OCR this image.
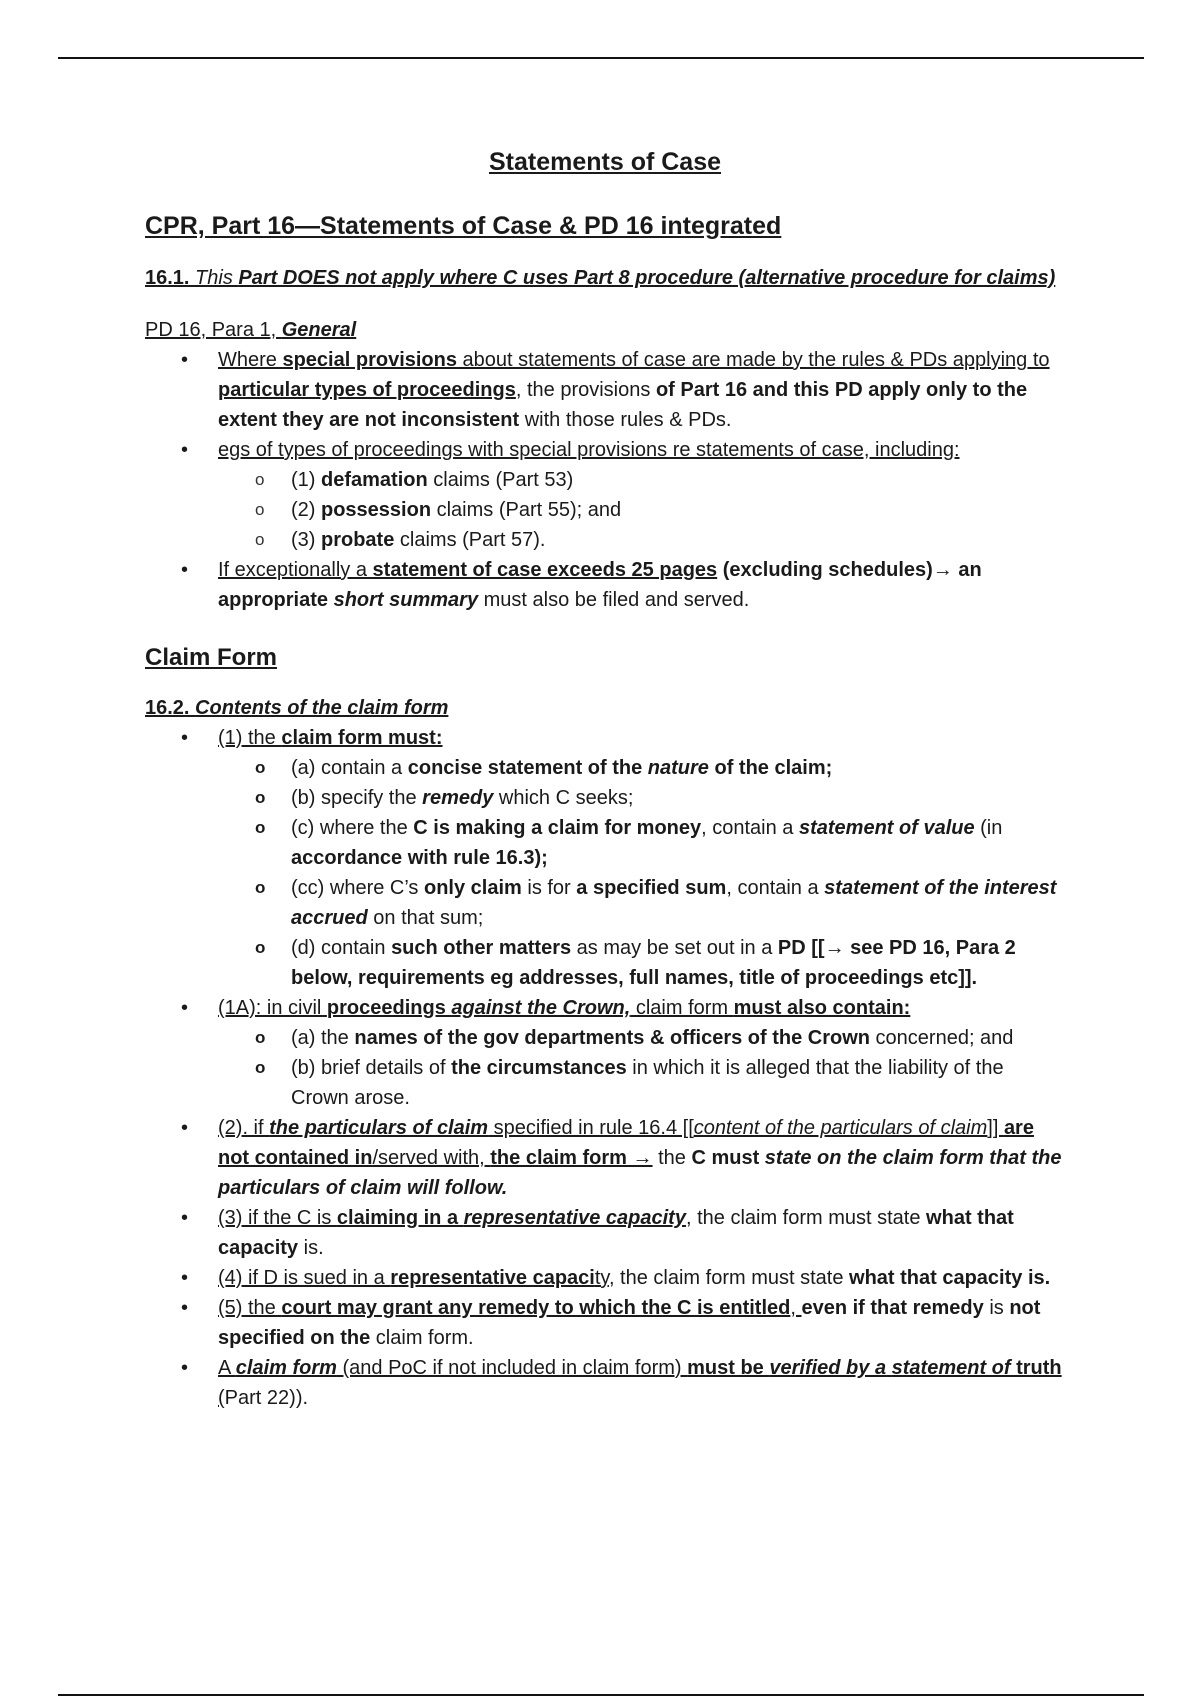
Statements of Case
CPR, Part 16—Statements of Case & PD 16 integrated
16.1. This Part DOES not apply where C uses Part 8 procedure (alternative procedure for claims)
PD 16, Para 1, General
• Where special provisions about statements of case are made by the rules & PDs applying to particular types of proceedings, the provisions of Part 16 and this PD apply only to the extent they are not inconsistent with those rules & PDs.
• egs of types of proceedings with special provisions re statements of case, including:
o (1) defamation claims (Part 53)
o (2) possession claims (Part 55); and
o (3) probate claims (Part 57).
• If exceptionally a statement of case exceeds 25 pages (excluding schedules)→ an appropriate short summary must also be filed and served.
Claim Form
16.2. Contents of the claim form
• (1) the claim form must:
o (a) contain a concise statement of the nature of the claim;
o (b) specify the remedy which C seeks;
o (c) where the C is making a claim for money, contain a statement of value (in accordance with rule 16.3);
o (cc) where C’s only claim is for a specified sum, contain a statement of the interest accrued on that sum;
o (d) contain such other matters as may be set out in a PD [[→ see PD 16, Para 2 below, requirements eg addresses, full names, title of proceedings etc]].
• (1A): in civil proceedings against the Crown, claim form must also contain:
o (a) the names of the gov departments & officers of the Crown concerned; and
o (b) brief details of the circumstances in which it is alleged that the liability of the Crown arose.
• (2). if the particulars of claim specified in rule 16.4 [[content of the particulars of claim]] are not contained in/served with, the claim form → the C must state on the claim form that the particulars of claim will follow.
• (3) if the C is claiming in a representative capacity, the claim form must state what that capacity is.
• (4) if D is sued in a representative capacity, the claim form must state what that capacity is.
• (5) the court may grant any remedy to which the C is entitled, even if that remedy is not specified on the claim form.
• A claim form (and PoC if not included in claim form) must be verified by a statement of truth (Part 22)).
